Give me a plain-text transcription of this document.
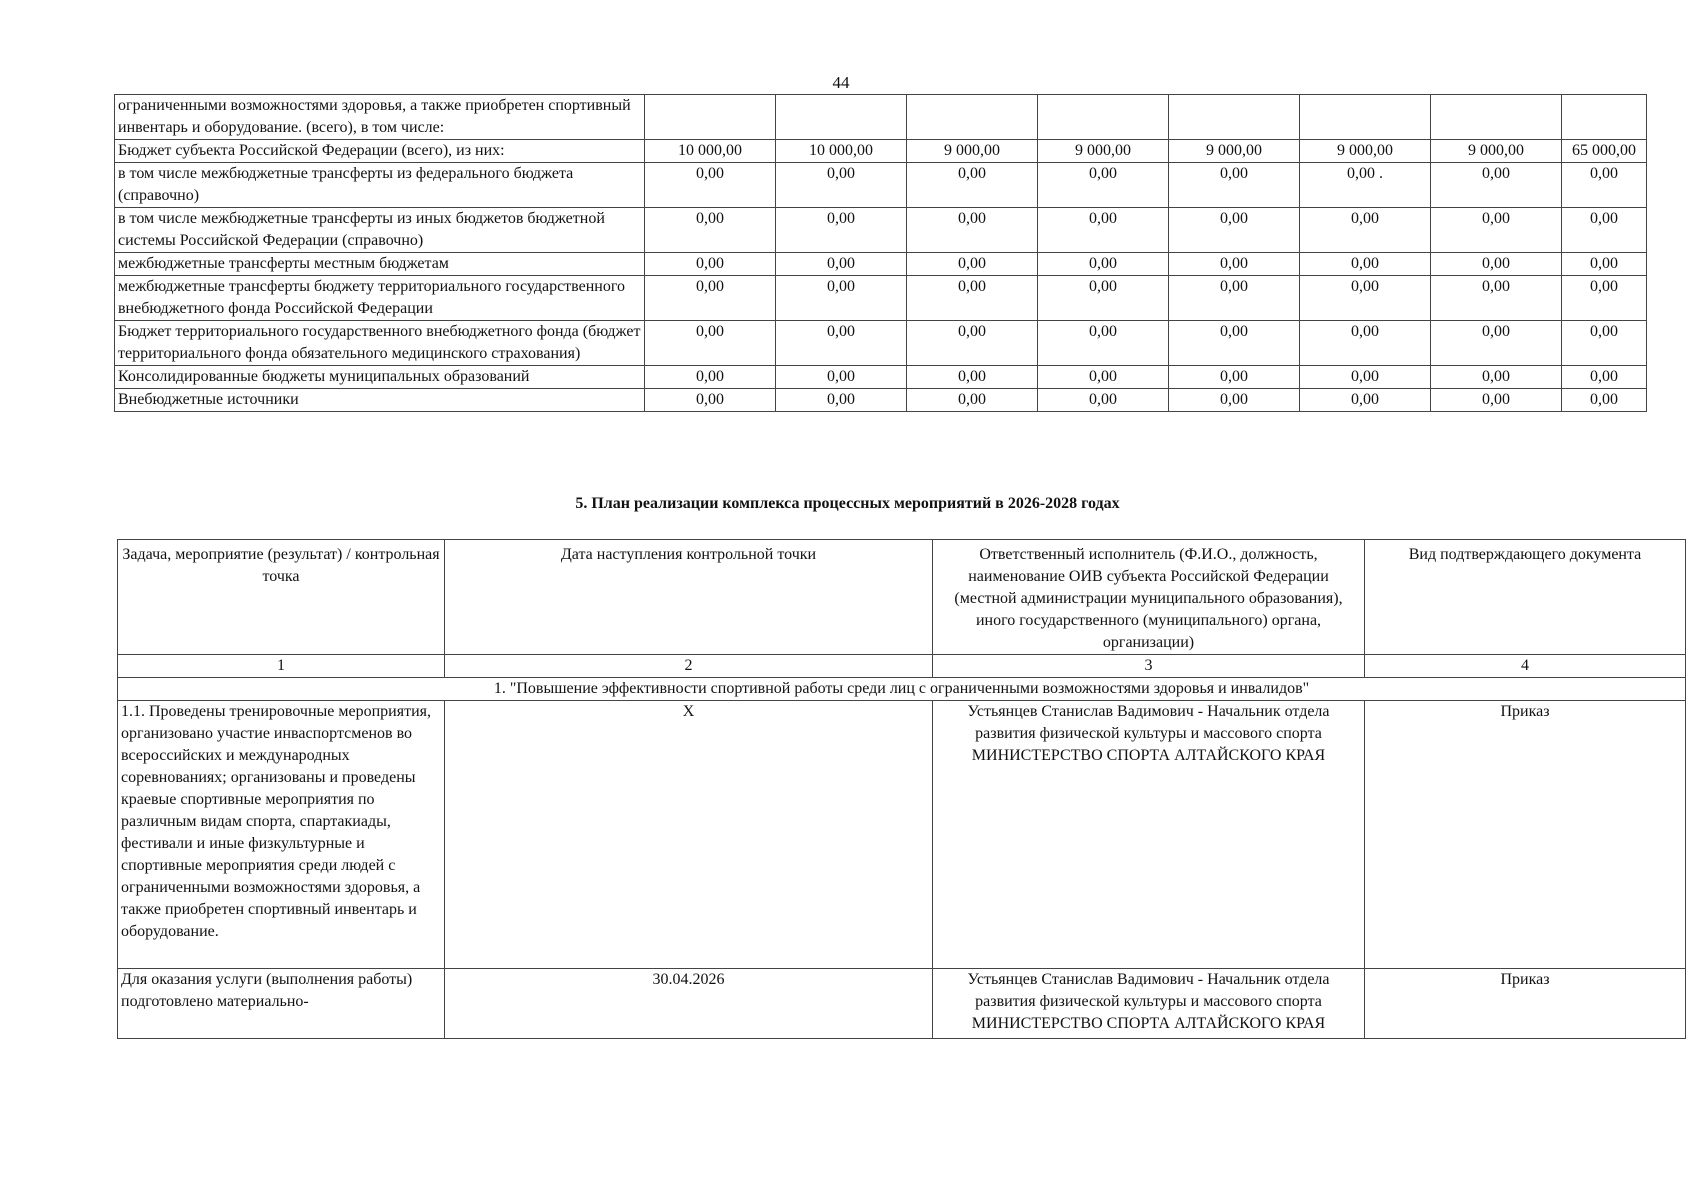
44
ограниченными возможностями здоровья, а также приобретен спортивный инвентарь и оборудование. (всего), в том числе:								
Бюджет субъекта Российской Федерации (всего), из них:	10 000,00	10 000,00	9 000,00	9 000,00	9 000,00	9 000,00	9 000,00	65 000,00
в том числе межбюджетные трансферты из федерального бюджета (справочно)	0,00	0,00	0,00	0,00	0,00	0,00 .	0,00	0,00
в том числе межбюджетные трансферты из иных бюджетов бюджетной системы Российской Федерации (справочно)	0,00	0,00	0,00	0,00	0,00	0,00	0,00	0,00
межбюджетные трансферты местным бюджетам	0,00	0,00	0,00	0,00	0,00	0,00	0,00	0,00
межбюджетные трансферты бюджету территориального государственного внебюджетного фонда Российской Федерации	0,00	0,00	0,00	0,00	0,00	0,00	0,00	0,00
Бюджет территориального государственного внебюджетного фонда (бюджет территориального фонда обязательного медицинского страхования)	0,00	0,00	0,00	0,00	0,00	0,00	0,00	0,00
Консолидированные бюджеты муниципальных образований	0,00	0,00	0,00	0,00	0,00	0,00	0,00	0,00
Внебюджетные источники	0,00	0,00	0,00	0,00	0,00	0,00	0,00	0,00
5. План реализации комплекса процессных мероприятий в 2026-2028 годах
Задача, мероприятие (результат) / контрольная точка	Дата наступления контрольной точки	Ответственный исполнитель (Ф.И.О., должность, наименование ОИВ субъекта Российской Федерации (местной администрации муниципального образования), иного государственного (муниципального) органа, организации)	Вид подтверждающего документа
1	2	3	4
1. "Повышение эффективности спортивной работы среди лиц с ограниченными возможностями здоровья и инвалидов"			
1.1. Проведены тренировочные мероприятия, организовано участие инваспортсменов во всероссийских и международных соревнованиях; организованы и проведены краевые спортивные мероприятия по различным видам спорта, спартакиады, фестивали и иные физкультурные и спортивные мероприятия среди людей с ограниченными возможностями здоровья, а также приобретен спортивный инвентарь и оборудование.	X	Устьянцев Станислав Вадимович - Начальник отдела развития физической культуры и массового спорта МИНИСТЕРСТВО СПОРТА АЛТАЙСКОГО КРАЯ	Приказ
Для оказания услуги (выполнения работы) подготовлено материально-	30.04.2026	Устьянцев Станислав Вадимович - Начальник отдела развития физической культуры и массового спорта МИНИСТЕРСТВО СПОРТА АЛТАЙСКОГО КРАЯ	Приказ
